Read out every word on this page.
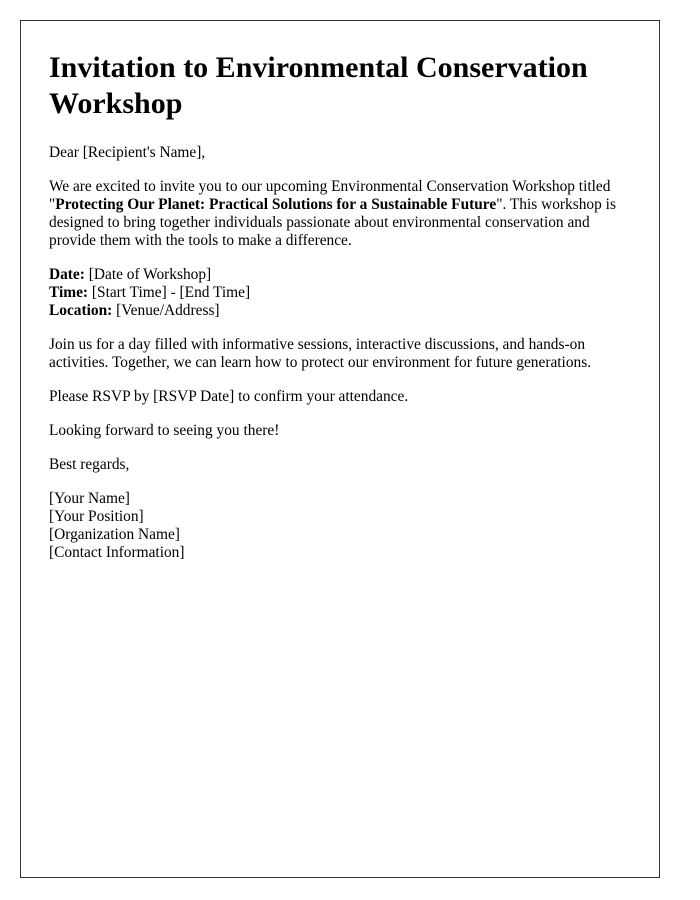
Invitation to Environmental Conservation Workshop

Dear [Recipient's Name],

We are excited to invite you to our upcoming Environmental Conservation Workshop titled "Protecting Our Planet: Practical Solutions for a Sustainable Future". This workshop is designed to bring together individuals passionate about environmental conservation and provide them with the tools to make a difference.

Date: [Date of Workshop]
Time: [Start Time] - [End Time]
Location: [Venue/Address]

Join us for a day filled with informative sessions, interactive discussions, and hands-on activities. Together, we can learn how to protect our environment for future generations.

Please RSVP by [RSVP Date] to confirm your attendance.

Looking forward to seeing you there!

Best regards,

[Your Name]
[Your Position]
[Organization Name]
[Contact Information]
